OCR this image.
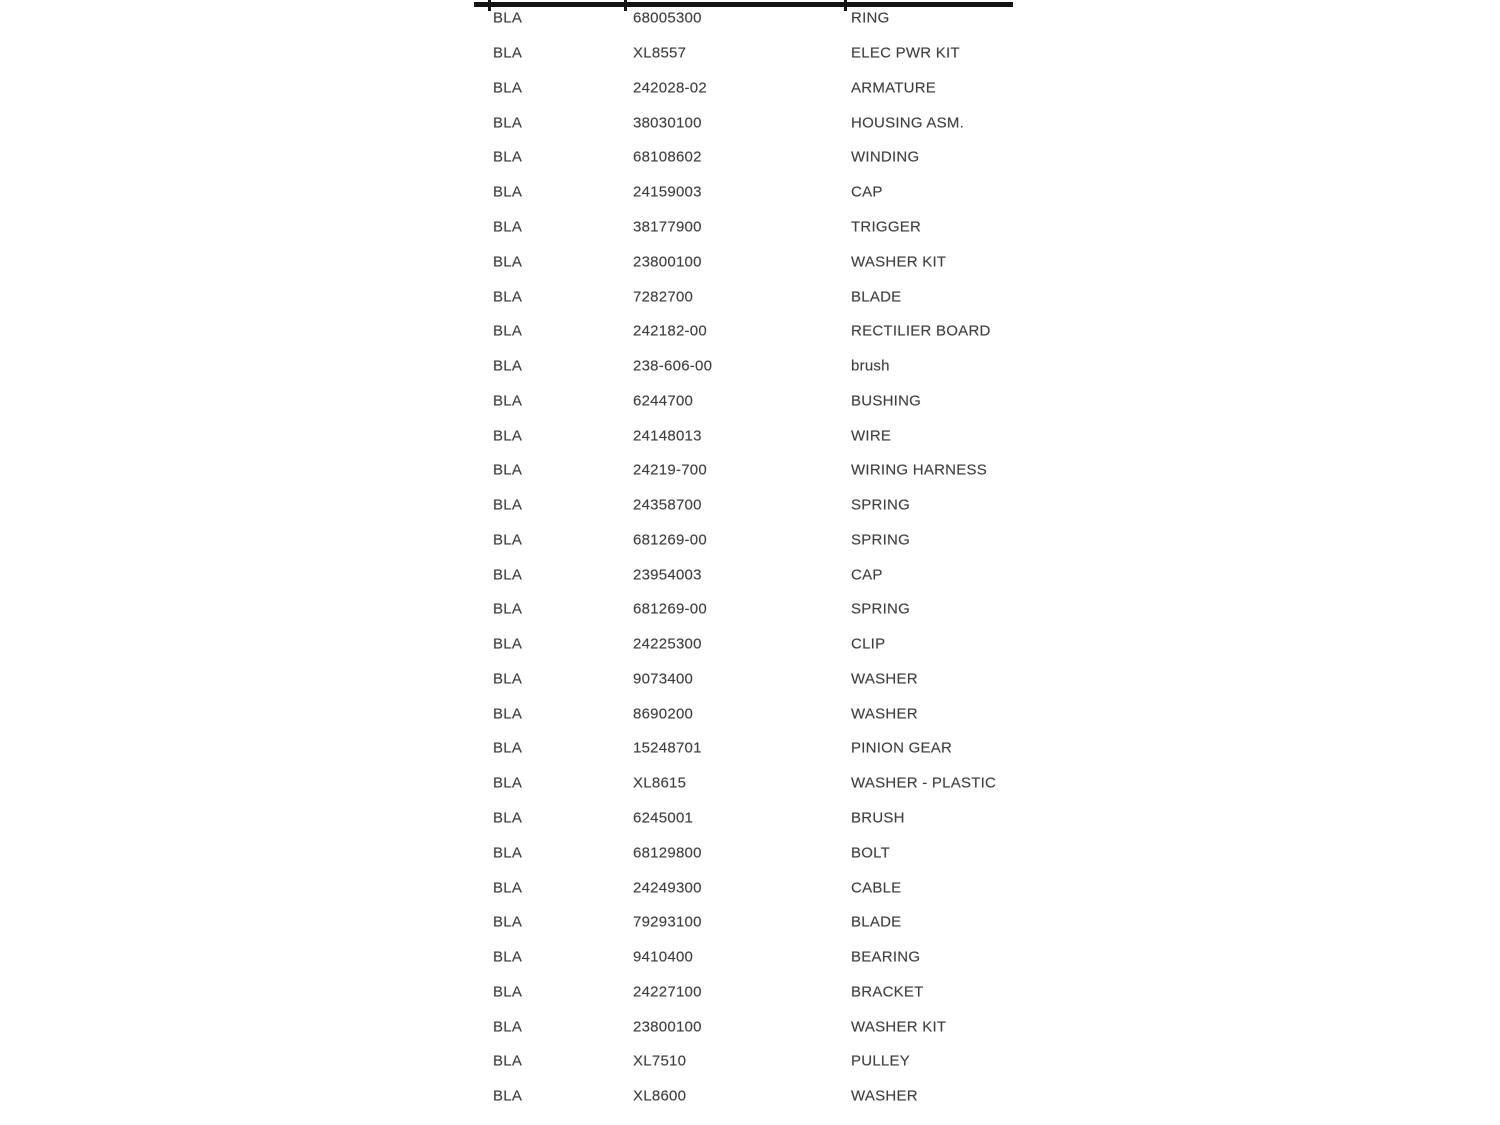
BLA	68005300	RING
BLA	XL8557	ELEC PWR KIT
BLA	242028-02	ARMATURE
BLA	38030100	HOUSING ASM.
BLA	68108602	WINDING
BLA	24159003	CAP
BLA	38177900	TRIGGER
BLA	23800100	WASHER KIT
BLA	7282700	BLADE
BLA	242182-00	RECTILIER BOARD
BLA	238-606-00	brush
BLA	6244700	BUSHING
BLA	24148013	WIRE
BLA	24219-700	WIRING HARNESS
BLA	24358700	SPRING
BLA	681269-00	SPRING
BLA	23954003	CAP
BLA	681269-00	SPRING
BLA	24225300	CLIP
BLA	9073400	WASHER
BLA	8690200	WASHER
BLA	15248701	PINION GEAR
BLA	XL8615	WASHER - PLASTIC
BLA	6245001	BRUSH
BLA	68129800	BOLT
BLA	24249300	CABLE
BLA	79293100	BLADE
BLA	9410400	BEARING
BLA	24227100	BRACKET
BLA	23800100	WASHER KIT
BLA	XL7510	PULLEY
BLA	XL8600	WASHER
